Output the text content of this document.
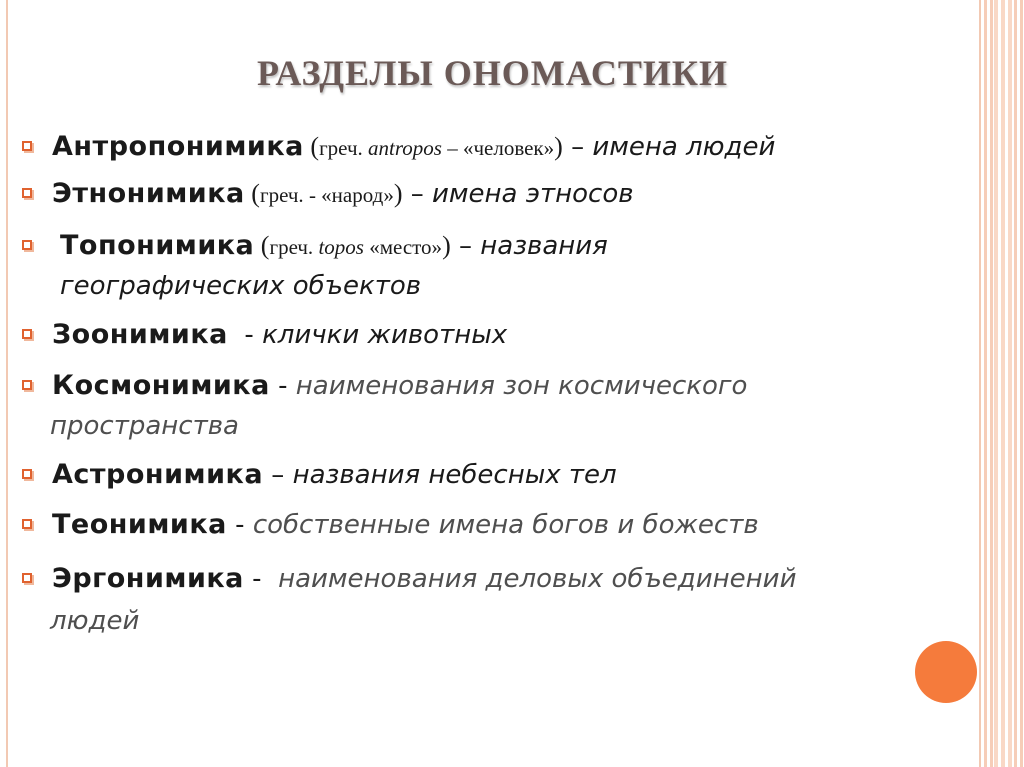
РАЗДЕЛЫ ОНОМАСТИКИ
Антропонимика (греч. antropos – «человек») – имена людей
Этнонимика (греч. - «народ») – имена этносов
Топонимика (греч. topos «место») – названия
географических объектов
Зоонимика  - клички животных
Космонимика - наименования зон космического
пространства
Астронимика – названия небесных тел
Теонимика - собственные имена богов и божеств
Эргонимика -  наименования деловых объединений
людей
